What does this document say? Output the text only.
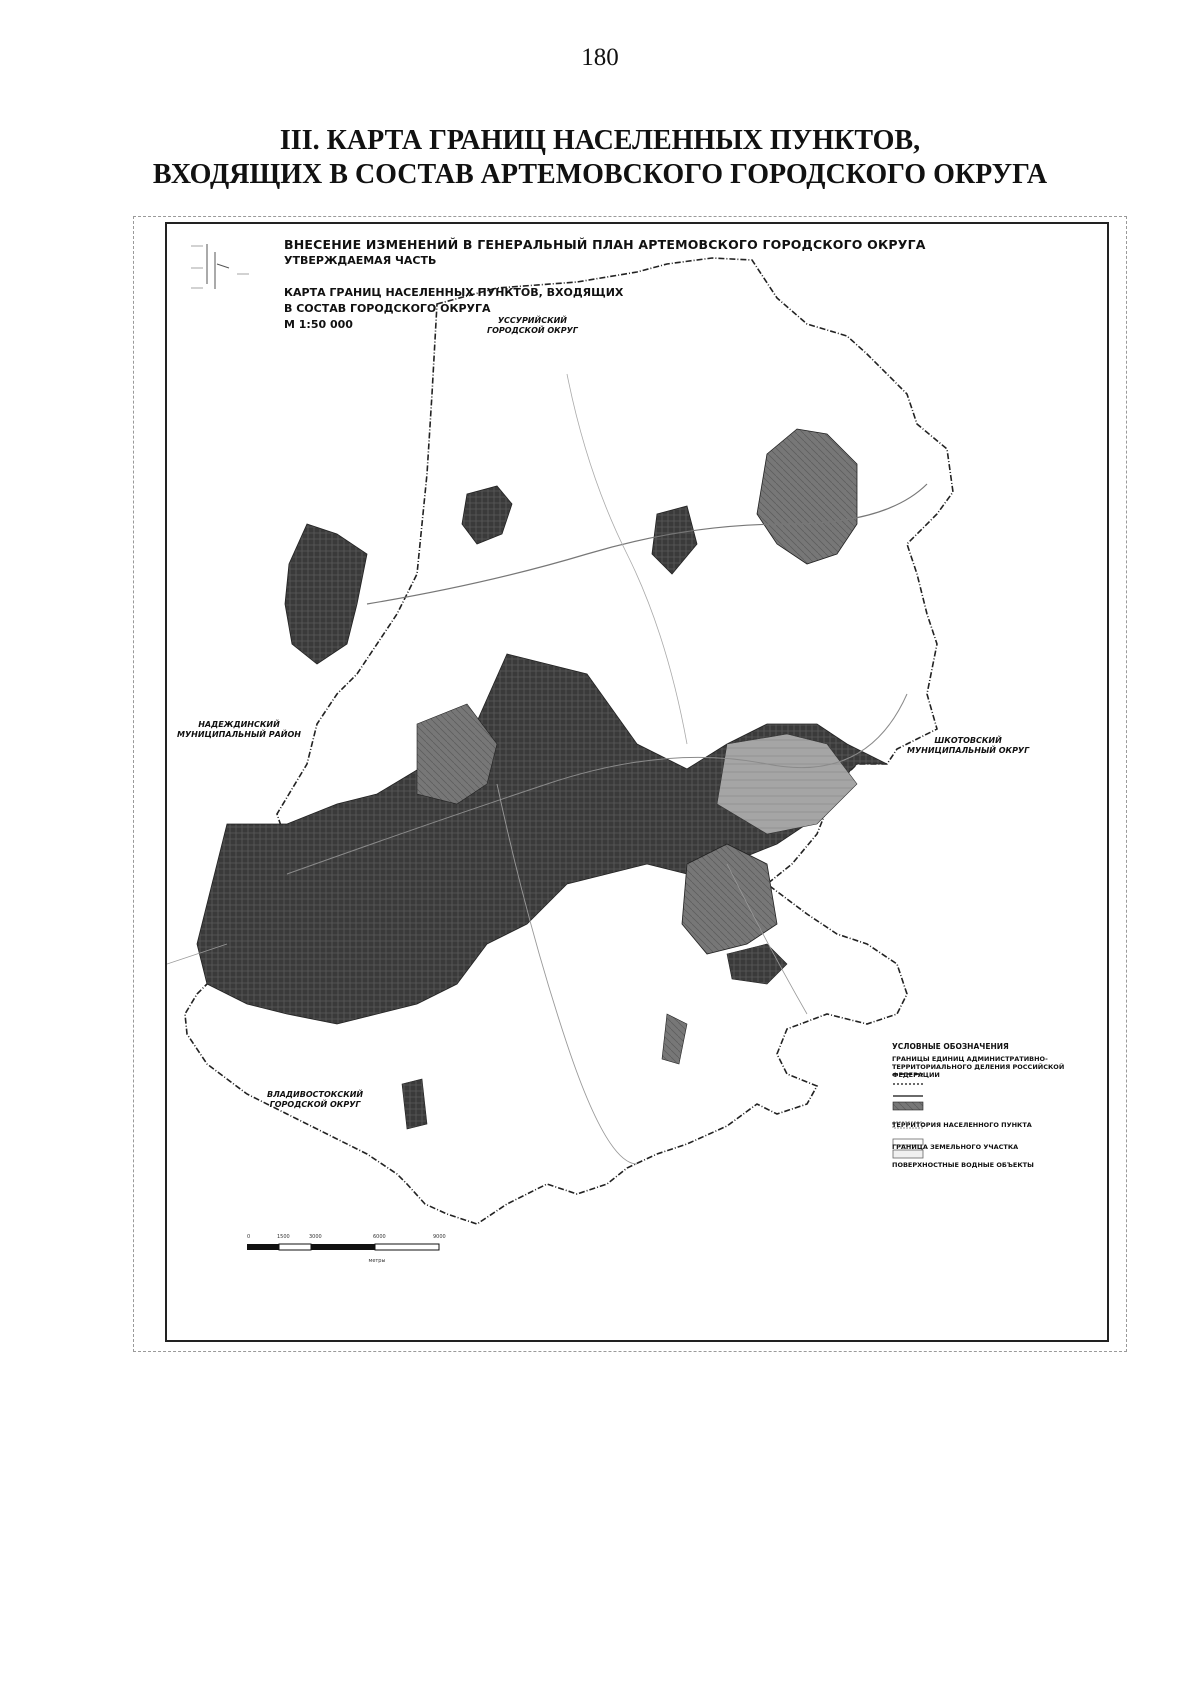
180
III. КАРТА ГРАНИЦ НАСЕЛЕННЫХ ПУНКТОВ,
ВХОДЯЩИХ В СОСТАВ АРТЕМОВСКОГО ГОРОДСКОГО ОКРУГА
ВНЕСЕНИЕ ИЗМЕНЕНИЙ В ГЕНЕРАЛЬНЫЙ ПЛАН АРТЕМОВСКОГО ГОРОДСКОГО ОКРУГА
УТВЕРЖДАЕМАЯ ЧАСТЬ
КАРТА ГРАНИЦ НАСЕЛЕННЫХ ПУНКТОВ, ВХОДЯЩИХ
В СОСТАВ ГОРОДСКОГО ОКРУГА
М 1:50 000	УССУРИЙСКИЙ
ГОРОДСКОЙ ОКРУГ
НАДЕЖДИНСКИЙ
МУНИЦИПАЛЬНЫЙ РАЙОН
ШКОТОВСКИЙ
МУНИЦИПАЛЬНЫЙ ОКРУГ
ВЛАДИВОСТОКСКИЙ
ГОРОДСКОЙ ОКРУГ
УСЛОВНЫЕ ОБОЗНАЧЕНИЯ
ГРАНИЦЫ ЕДИНИЦ АДМИНИСТРАТИВНО-ТЕРРИТОРИАЛЬНОГО ДЕЛЕНИЯ РОССИЙСКОЙ ФЕДЕРАЦИИ
ТЕРРИТОРИЯ НАСЕЛЕННОГО ПУНКТА
ГРАНИЦА ЗЕМЕЛЬНОГО УЧАСТКА
ПОВЕРХНОСТНЫЕ ВОДНЫЕ ОБЪЕКТЫ
0	1500	3000	6000	9000
метры
